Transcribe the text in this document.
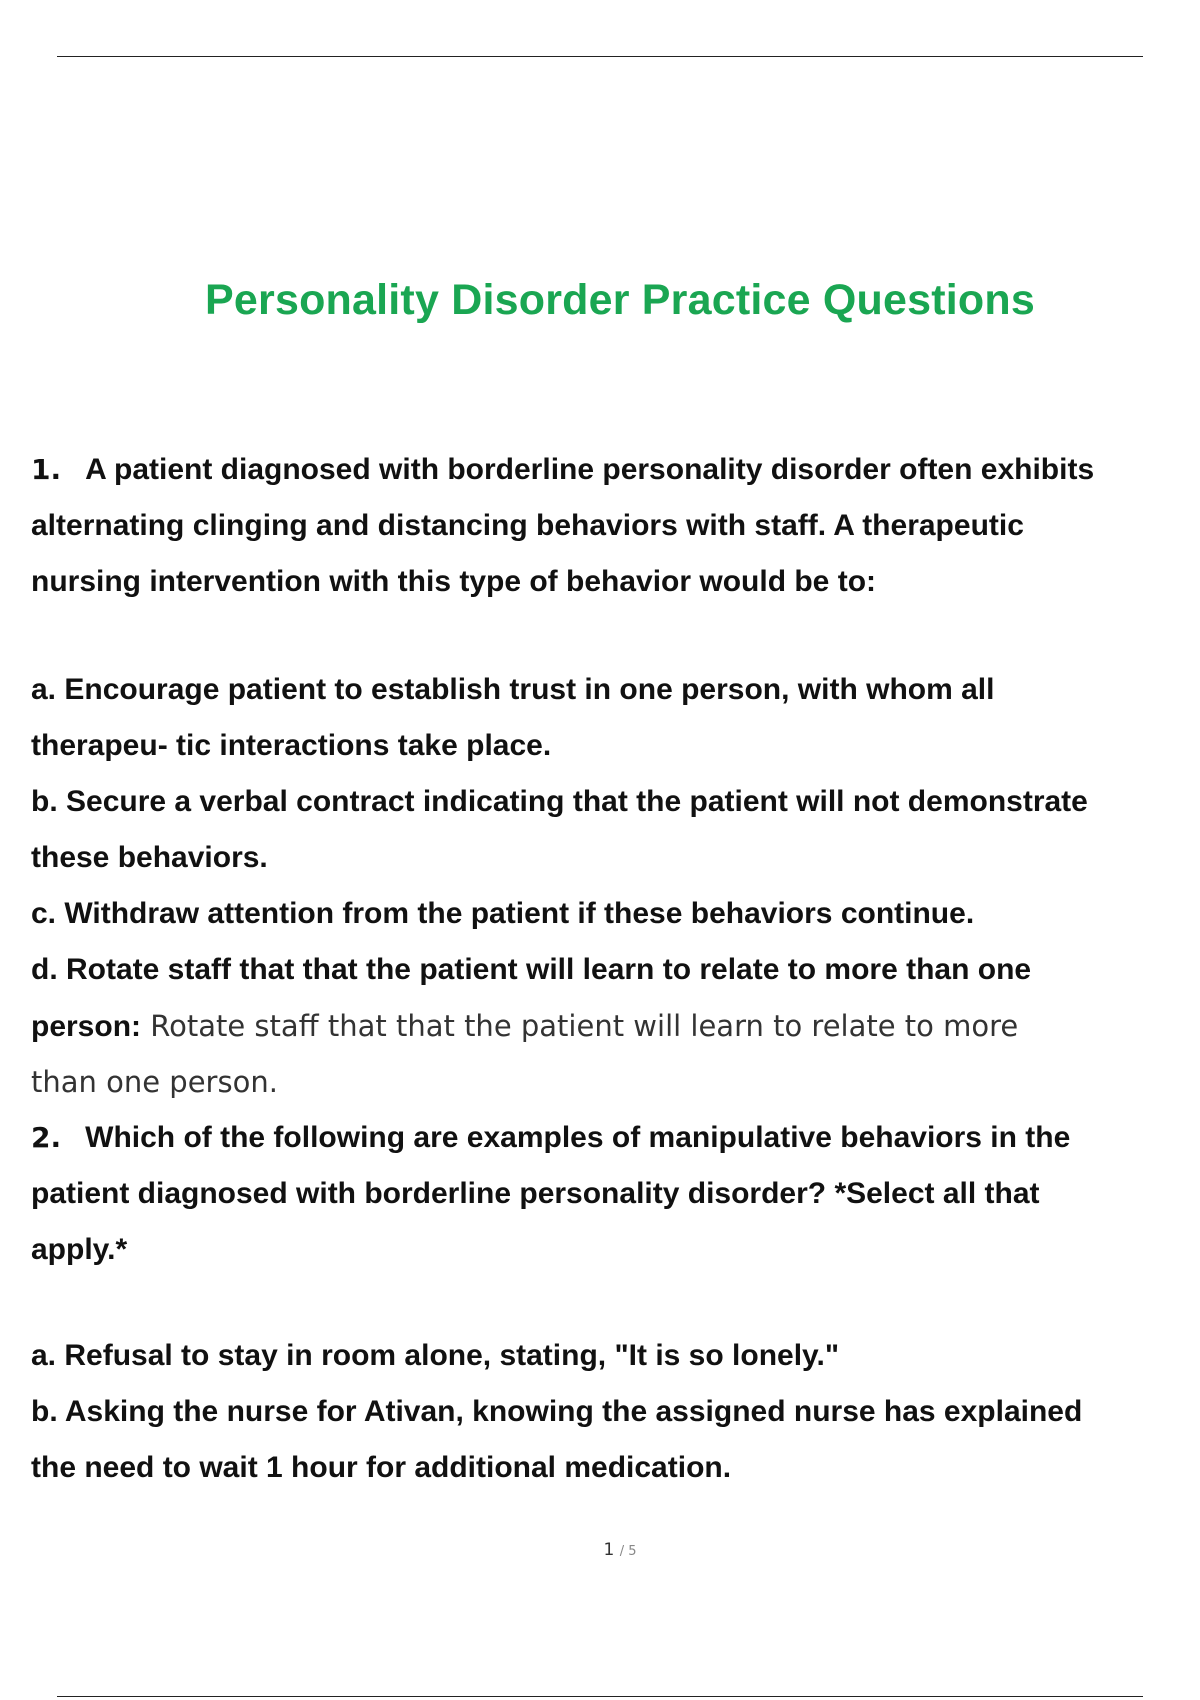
Personality Disorder Practice Questions
1. A patient diagnosed with borderline personality disorder often exhibits
alternating clinging and distancing behaviors with staff. A therapeutic
nursing intervention with this type of behavior would be to:
a. Encourage patient to establish trust in one person, with whom all
therapeu- tic interactions take place.
b. Secure a verbal contract indicating that the patient will not demonstrate
these behaviors.
c. Withdraw attention from the patient if these behaviors continue.
d. Rotate staff that that the patient will learn to relate to more than one
person: Rotate staff that that the patient will learn to relate to more
than one person.
2. Which of the following are examples of manipulative behaviors in the
patient diagnosed with borderline personality disorder? *Select all that
apply.*
a. Refusal to stay in room alone, stating, "It is so lonely."
b. Asking the nurse for Ativan, knowing the assigned nurse has explained
the need to wait 1 hour for additional medication.
1 / 5
